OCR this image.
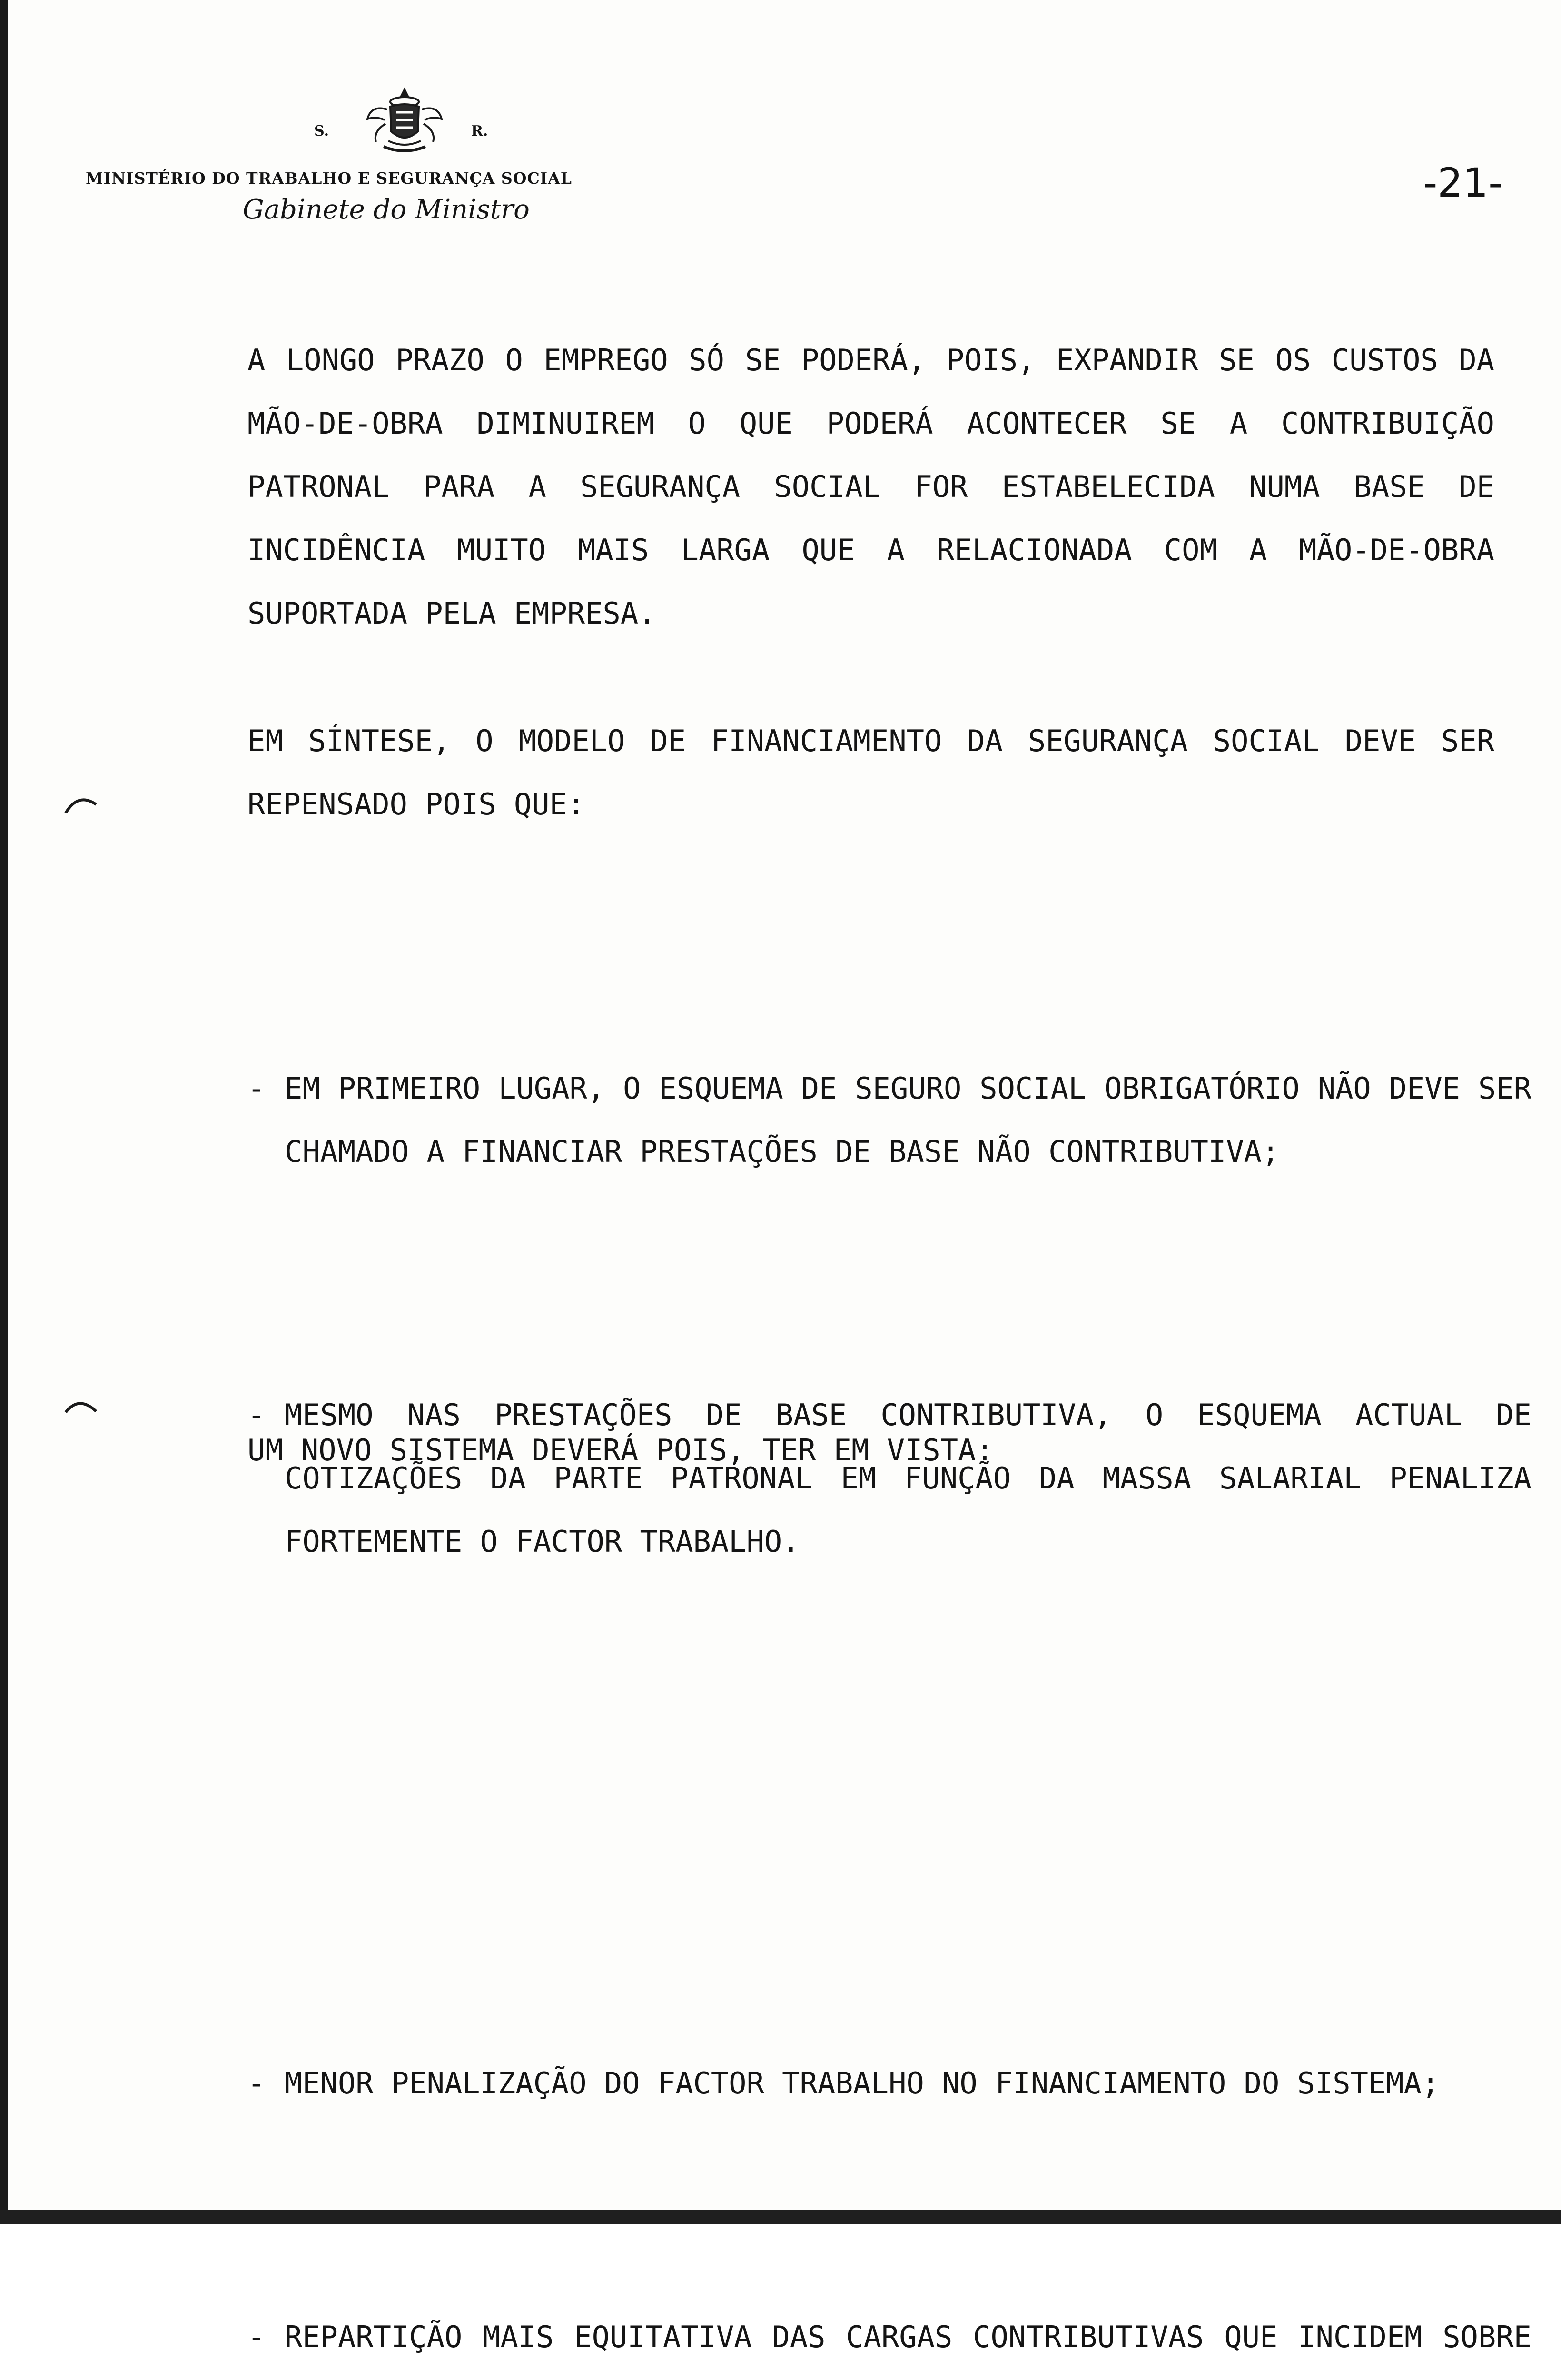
S.	R.
MINISTÉRIO DO TRABALHO E SEGURANÇA SOCIAL
Gabinete do Ministro
-21-

A LONGO PRAZO O EMPREGO SÓ SE PODERÁ, POIS, EXPANDIR SE OS CUSTOS DA MÃO-DE-OBRA DIMINUIREM O QUE PODERÁ ACONTECER SE A CONTRIBUIÇÃO PATRONAL PARA A SEGURANÇA SOCIAL FOR ESTABELECIDA NUMA BASE DE INCIDÊNCIA MUITO MAIS LARGA QUE A RELACIONADA COM A MÃO-DE-OBRA SUPORTADA PELA EMPRESA.

EM SÍNTESE, O MODELO DE FINANCIAMENTO DA SEGURANÇA SOCIAL DEVE SER REPENSADO POIS QUE:

- EM PRIMEIRO LUGAR, O ESQUEMA DE SEGURO SOCIAL OBRIGATÓRIO NÃO DEVE SER CHAMADO A FINANCIAR PRESTAÇÕES DE BASE NÃO CONTRIBUTIVA;

- MESMO NAS PRESTAÇÕES DE BASE CONTRIBUTIVA, O ESQUEMA ACTUAL DE COTIZAÇÕES DA PARTE PATRONAL EM FUNÇÃO DA MASSA SALARIAL PENALIZA FORTEMENTE O FACTOR TRABALHO.

UM NOVO SISTEMA DEVERÁ POIS, TER EM VISTA:

- MENOR PENALIZAÇÃO DO FACTOR TRABALHO NO FINANCIAMENTO DO SISTEMA;

- REPARTIÇÃO MAIS EQUITATIVA DAS CARGAS CONTRIBUTIVAS QUE INCIDEM SOBRE
